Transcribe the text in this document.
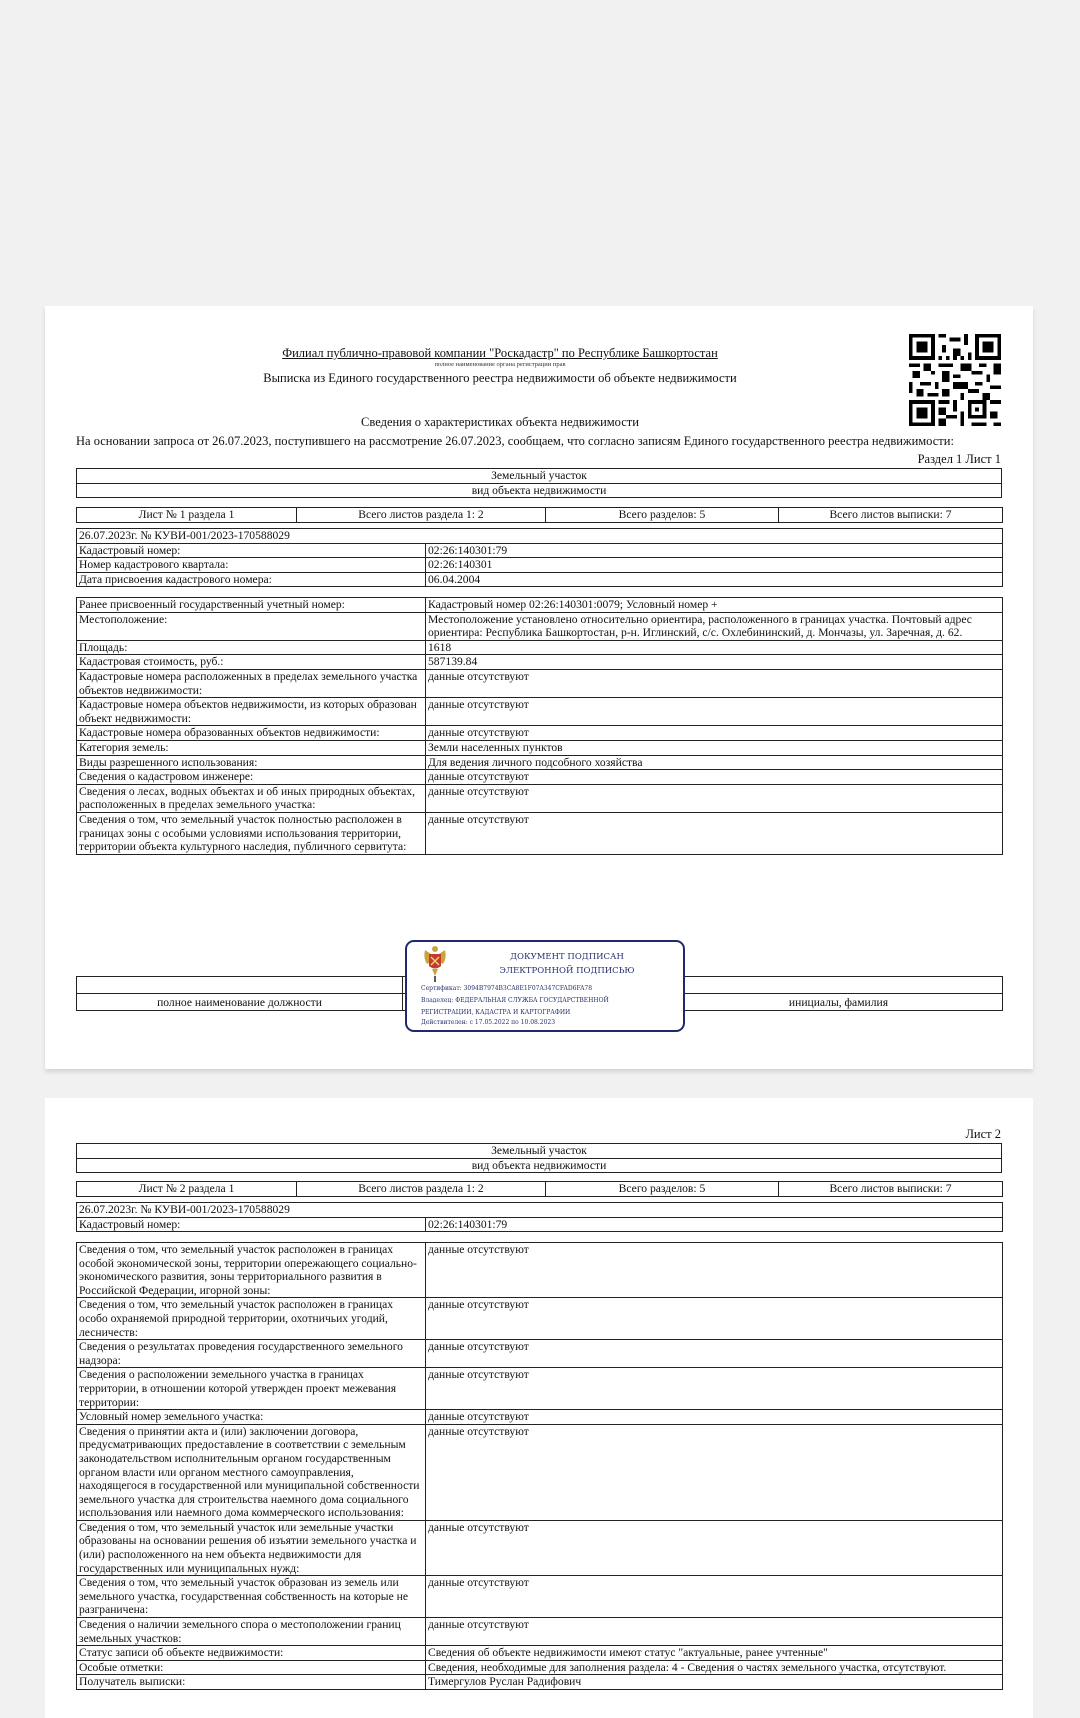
Филиал публично-правовой компании "Роскадастр" по Республике Башкортостан
полное наименование органа регистрации прав
Выписка из Единого государственного реестра недвижимости об объекте недвижимости
Сведения о характеристиках объекта недвижимости
На основании запроса от 26.07.2023, поступившего на рассмотрение 26.07.2023, сообщаем, что согласно записям Единого государственного реестра недвижимости:
Раздел 1 Лист 1
Земельный участок
вид объекта недвижимости
Лист № 1 раздела 1	Всего листов раздела 1: 2	Всего разделов: 5	Всего листов выписки: 7
26.07.2023г. № КУВИ-001/2023-170588029	
Кадастровый номер:	02:26:140301:79
Номер кадастрового квартала:	02:26:140301
Дата присвоения кадастрового номера:	06.04.2004
Ранее присвоенный государственный учетный номер:	Кадастровый номер 02:26:140301:0079; Условный номер +
Местоположение:	Местоположение установлено относительно ориентира, расположенного в границах участка. Почтовый адрес ориентира: Республика Башкортостан, р-н. Иглинский, с/с. Охлебининский, д. Мончазы, ул. Заречная, д. 62.
Площадь:	1618
Кадастровая стоимость, руб.:	587139.84
Кадастровые номера расположенных в пределах земельного участка объектов недвижимости:	данные отсутствуют
Кадастровые номера объектов недвижимости, из которых образован объект недвижимости:	данные отсутствуют
Кадастровые номера образованных объектов недвижимости:	данные отсутствуют
Категория земель:	Земли населенных пунктов
Виды разрешенного использования:	Для ведения личного подсобного хозяйства
Сведения о кадастровом инженере:	данные отсутствуют
Сведения о лесах, водных объектах и об иных природных объектах, расположенных в пределах земельного участка:	данные отсутствуют
Сведения о том, что земельный участок полностью расположен в границах зоны с особыми условиями использования территории, территории объекта культурного наследия, публичного сервитута:	данные отсутствуют

полное наименование должности		инициалы, фамилия
ДОКУМЕНТ ПОДПИСАН
ЭЛЕКТРОННОЙ ПОДПИСЬЮ
Сертификат: 3094B7974B3CA8E1F07A347CFAD6FA78
Владелец: ФЕДЕРАЛЬНАЯ СЛУЖБА ГОСУДАРСТВЕННОЙ
РЕГИСТРАЦИИ, КАДАСТРА И КАРТОГРАФИИ
Действителен: с 17.05.2022 по 10.08.2023
Лист 2
Земельный участок
вид объекта недвижимости
Лист № 2 раздела 1	Всего листов раздела 1: 2	Всего разделов: 5	Всего листов выписки: 7
26.07.2023г. № КУВИ-001/2023-170588029
Кадастровый номер:	02:26:140301:79
Сведения о том, что земельный участок расположен в границах особой экономической зоны, территории опережающего социально-экономического развития, зоны территориального развития в Российской Федерации, игорной зоны:	данные отсутствуют
Сведения о том, что земельный участок расположен в границах особо охраняемой природной территории, охотничьих угодий, лесничеств:	данные отсутствуют
Сведения о результатах проведения государственного земельного надзора:	данные отсутствуют
Сведения о расположении земельного участка в границах территории, в отношении которой утвержден проект межевания территории:	данные отсутствуют
Условный номер земельного участка:	данные отсутствуют
Сведения о принятии акта и (или) заключении договора, предусматривающих предоставление в соответствии с земельным законодательством исполнительным органом государственным органом власти или органом местного самоуправления, находящегося в государственной или муниципальной собственности земельного участка для строительства наемного дома социального использования или наемного дома коммерческого использования:	данные отсутствуют
Сведения о том, что земельный участок или земельные участки образованы на основании решения об изъятии земельного участка и (или) расположенного на нем объекта недвижимости для государственных или муниципальных нужд:	данные отсутствуют
Сведения о том, что земельный участок образован из земель или земельного участка, государственная собственность на которые не разграничена:	данные отсутствуют
Сведения о наличии земельного спора о местоположении границ земельных участков:	данные отсутствуют
Статус записи об объекте недвижимости:	Сведения об объекте недвижимости имеют статус "актуальные, ранее учтенные"
Особые отметки:	Сведения, необходимые для заполнения раздела: 4 - Сведения о частях земельного участка, отсутствуют.
Получатель выписки:	Тимергулов Руслан Радифович
